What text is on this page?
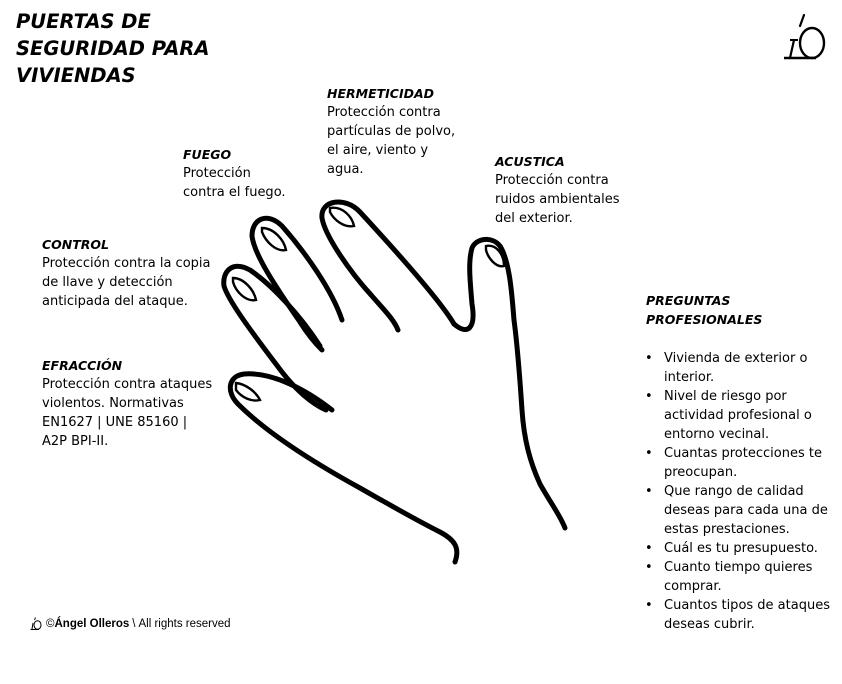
PUERTAS DE
SEGURIDAD PARA
VIVIENDAS
HERMETICIDAD
Protección contra
partículas de polvo,
el aire, viento y
agua.
FUEGO
Protección
contra el fuego.
ACUSTICA
Protección contra
ruidos ambientales
del exterior.
CONTROL
Protección contra la copia
de llave y detección
anticipada del ataque.
EFRACCIÓN
Protección contra ataques
violentos. Normativas
EN1627 | UNE 85160 |
A2P BPI-II.
PREGUNTAS
PROFESIONALES
• Vivienda de exterior o
interior.
• Nivel de riesgo por
actividad profesional o
entorno vecinal.
• Cuantas protecciones te
preocupan.
• Que rango de calidad
deseas para cada una de
estas prestaciones.
• Cuál es tu presupuesto.
• Cuanto tiempo quieres
comprar.
• Cuantos tipos de ataques
deseas cubrir.
© Ángel Olleros \ All rights reserved
